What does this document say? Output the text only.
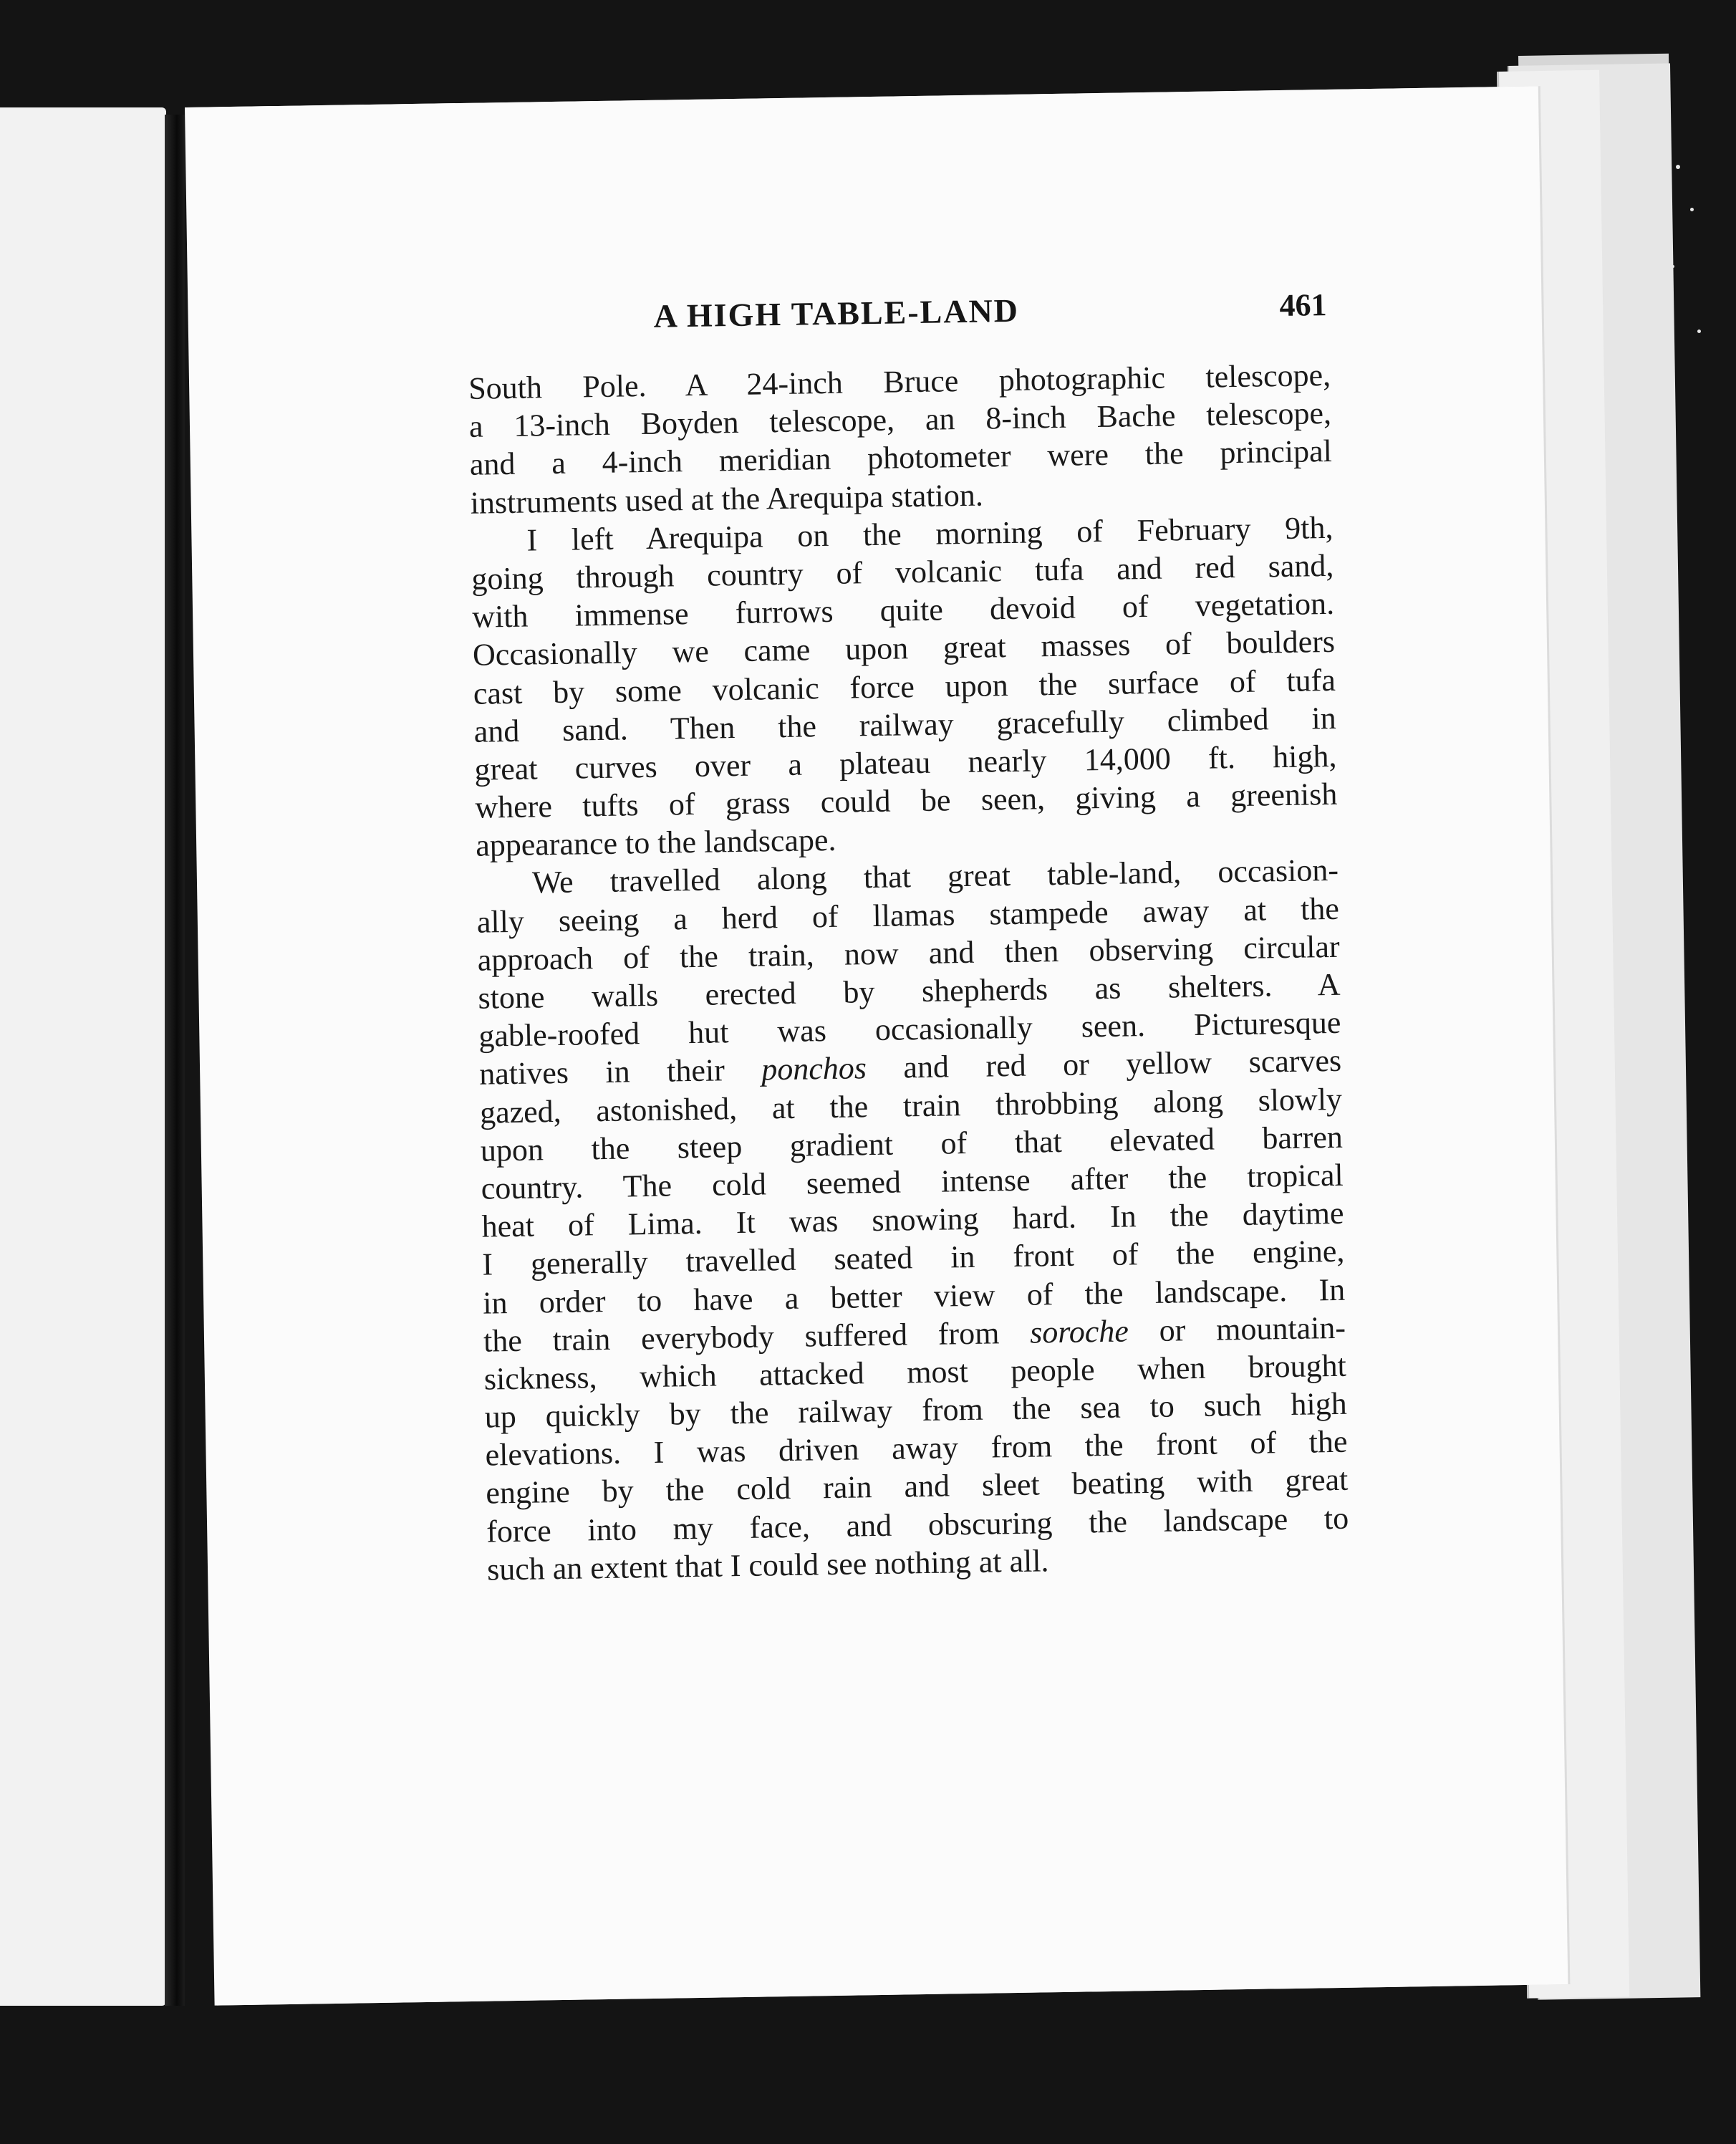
A HIGH TABLE-LAND	461
South Pole. A 24-inch Bruce photographic telescope,
a 13-inch Boyden telescope, an 8-inch Bache telescope,
and a 4-inch meridian photometer were the principal
instruments used at the Arequipa station.
I left Arequipa on the morning of February 9th,
going through country of volcanic tufa and red sand,
with immense furrows quite devoid of vegetation.
Occasionally we came upon great masses of boulders
cast by some volcanic force upon the surface of tufa
and sand. Then the railway gracefully climbed in
great curves over a plateau nearly 14,000 ft. high,
where tufts of grass could be seen, giving a greenish
appearance to the landscape.
We travelled along that great table-land, occasion-
ally seeing a herd of llamas stampede away at the
approach of the train, now and then observing circular
stone walls erected by shepherds as shelters. A
gable-roofed hut was occasionally seen. Picturesque
natives in their ponchos and red or yellow scarves
gazed, astonished, at the train throbbing along slowly
upon the steep gradient of that elevated barren
country. The cold seemed intense after the tropical
heat of Lima. It was snowing hard. In the daytime
I generally travelled seated in front of the engine,
in order to have a better view of the landscape. In
the train everybody suffered from soroche or mountain-
sickness, which attacked most people when brought
up quickly by the railway from the sea to such high
elevations. I was driven away from the front of the
engine by the cold rain and sleet beating with great
force into my face, and obscuring the landscape to
such an extent that I could see nothing at all.
